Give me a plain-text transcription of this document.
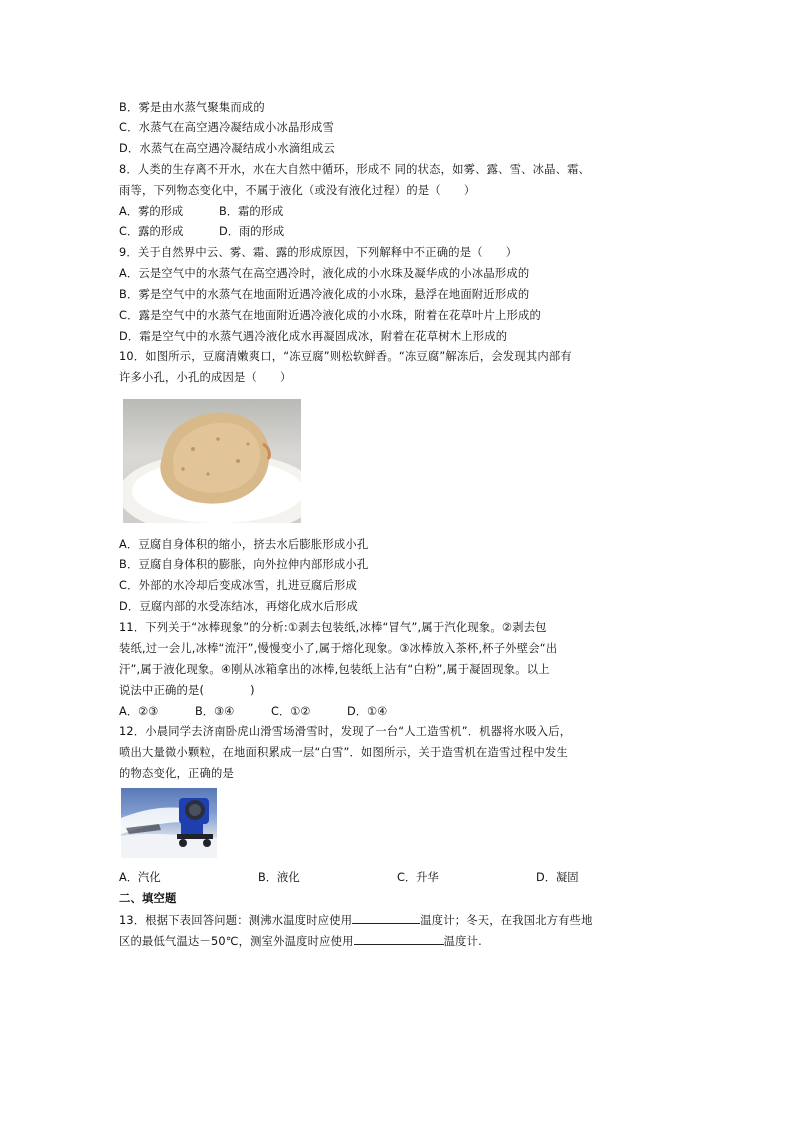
B．雾是由水蒸气聚集而成的
C．水蒸气在高空遇冷凝结成小冰晶形成雪
D．水蒸气在高空遇冷凝结成小水滴组成云
8．人类的生存离不开水，水在大自然中循环，形成不 同的状态，如雾、露、雪、冰晶、霜、
雨等，下列物态变化中，不属于液化（或没有液化过程）的是（　　）
A．雾的形成	B．霜的形成
C．露的形成	D．雨的形成
9．关于自然界中云、雾、霜、露的形成原因，下列解释中不正确的是（　　）
A．云是空气中的水蒸气在高空遇冷时，液化成的小水珠及凝华成的小冰晶形成的
B．雾是空气中的水蒸气在地面附近遇冷液化成的小水珠，悬浮在地面附近形成的
C．露是空气中的水蒸气在地面附近遇冷液化成的小水珠，附着在花草叶片上形成的
D．霜是空气中的水蒸气遇冷液化成水再凝固成冰，附着在花草树木上形成的
10．如图所示，豆腐清嫩爽口，“冻豆腐”则松软鲜香。“冻豆腐”解冻后，会发现其内部有
许多小孔，小孔的成因是（　　）
A．豆腐自身体积的缩小，挤去水后膨胀形成小孔
B．豆腐自身体积的膨胀，向外拉伸内部形成小孔
C．外部的水冷却后变成冰雪，扎进豆腐后形成
D．豆腐内部的水受冻结冰，再熔化成水后形成
11．下列关于“冰棒现象”的分析:①剥去包装纸,冰棒“冒气”,属于汽化现象。②剥去包
装纸,过一会儿,冰棒“流汗”,慢慢变小了,属于熔化现象。③冰棒放入茶杯,杯子外壁会“出
汗”,属于液化现象。④刚从冰箱拿出的冰棒,包装纸上沾有“白粉”,属于凝固现象。以上
说法中正确的是(　　　　)
A．②③	B．③④	C．①②	D．①④
12．小晨同学去济南卧虎山滑雪场滑雪时，发现了一台“人工造雪机”．机器将水吸入后，
喷出大量微小颗粒，在地面积累成一层“白雪”．如图所示，关于造雪机在造雪过程中发生
的物态变化，正确的是
A．汽化	B．液化	C．升华	D．凝固
二、填空题
13．根据下表回答问题：测沸水温度时应使用	温度计；冬天，在我国北方有些地
区的最低气温达－50℃，测室外温度时应使用	温度计.
